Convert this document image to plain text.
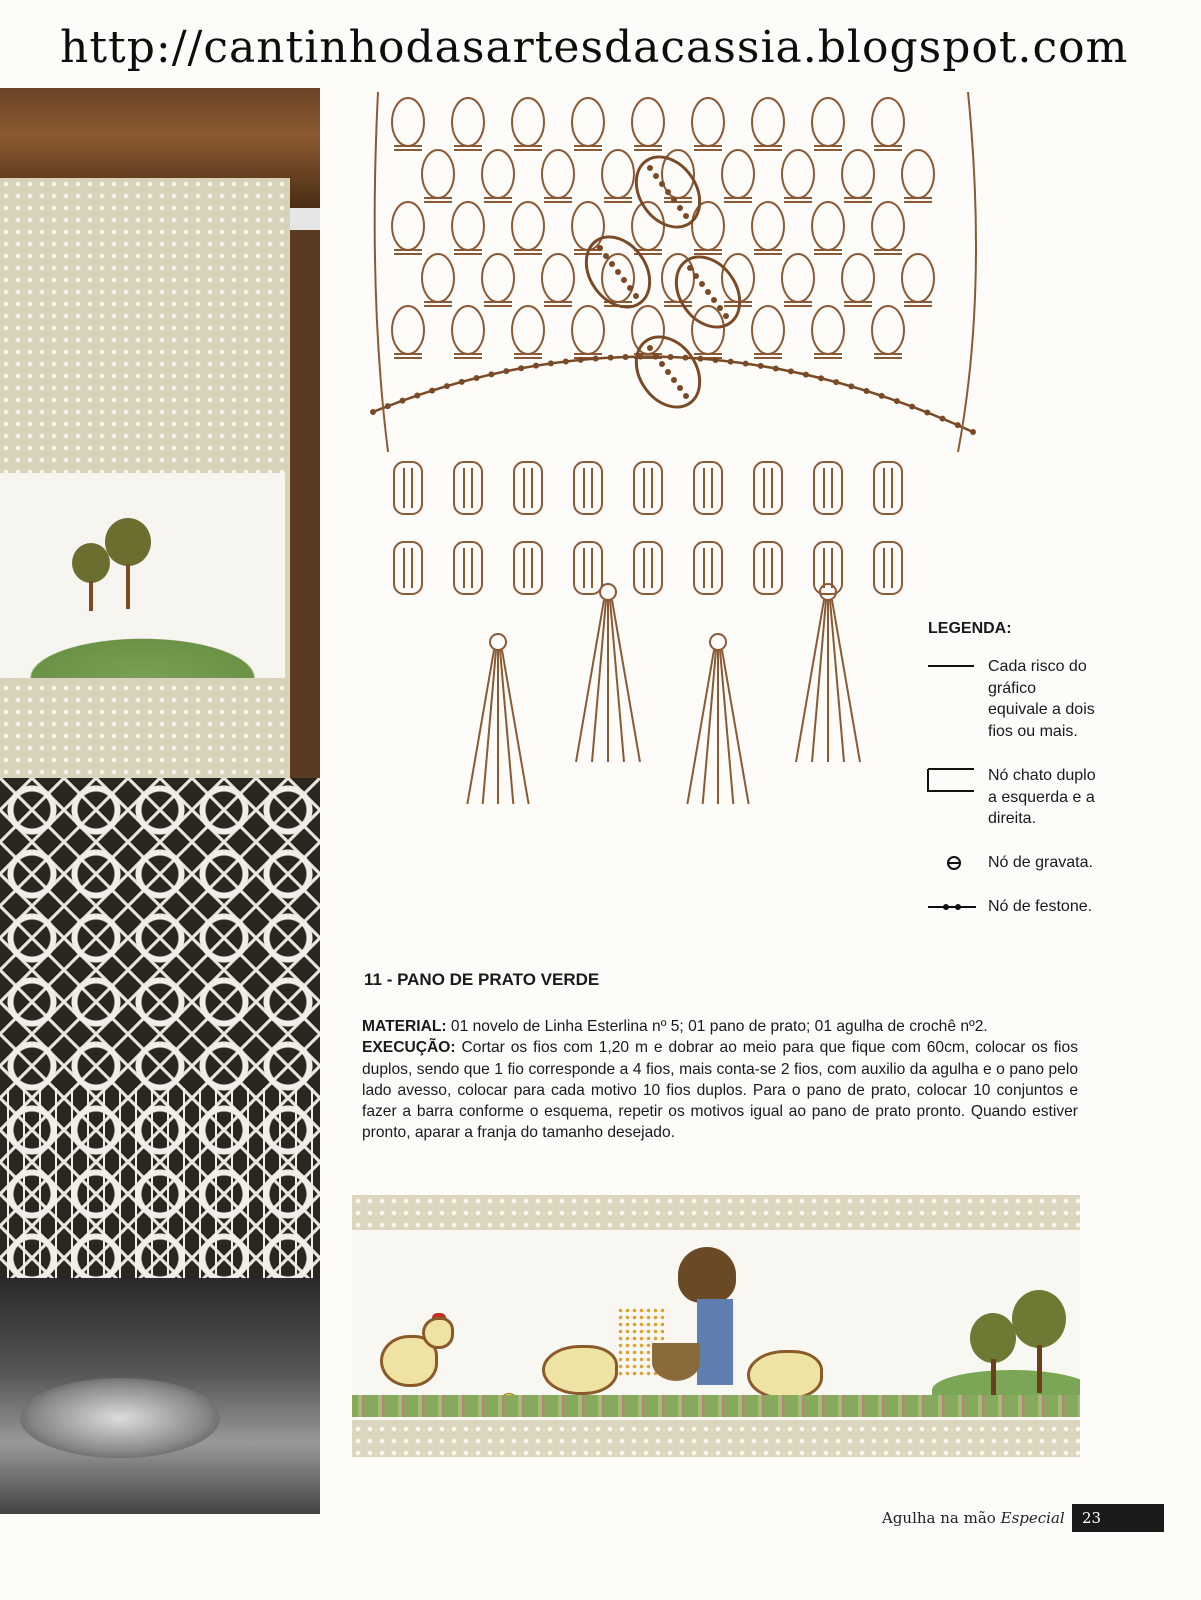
http://cantinhodasartesdacassia.blogspot.com
LEGENDA:
Cada risco do gráfico equivale a dois fios ou mais.
Nó chato duplo a esquerda e a direita.
Nó de gravata.
Nó de festone.
11 - PANO DE PRATO VERDE
MATERIAL: 01 novelo de Linha Esterlina nº 5; 01 pano de prato; 01 agulha de crochê nº2.
EXECUÇÃO: Cortar os fios com 1,20 m e dobrar ao meio para que fique com 60cm, colocar os fios duplos, sendo que 1 fio corresponde a 4 fios, mais conta-se 2 fios, com auxilio da agulha e o pano pelo lado avesso, colocar para cada motivo 10 fios duplos. Para o pano de prato, colocar 10 conjuntos e fazer a barra conforme o esquema, repetir os motivos igual ao pano de prato pronto. Quando estiver pronto, aparar a franja do tamanho desejado.
Agulha na mão Especial 23
